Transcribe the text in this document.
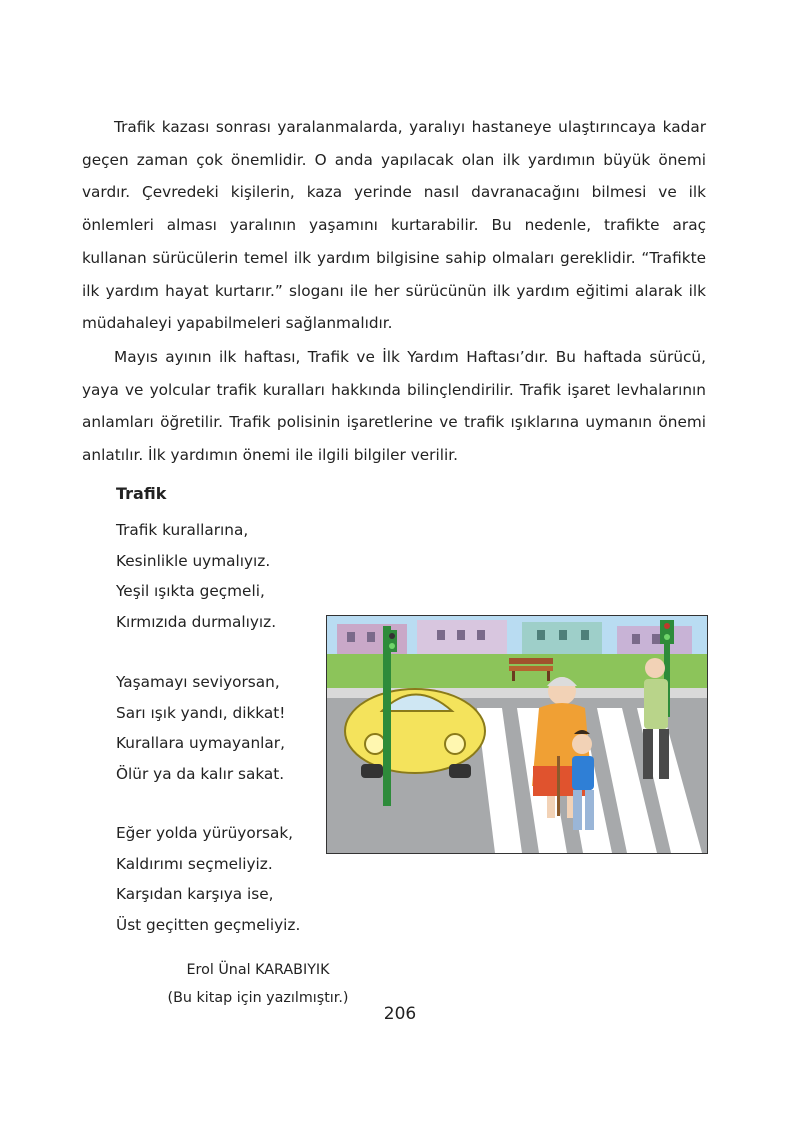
Trafik kazası sonrası yaralanmalarda, yaralıyı hastaneye ulaştırıncaya kadar geçen zaman çok önemlidir. O anda yapılacak olan ilk yardımın büyük önemi vardır. Çevredeki kişilerin, kaza yerinde nasıl davranacağını bilmesi ve ilk önlemleri alması yaralının yaşamını kurtarabilir. Bu nedenle, trafikte araç kullanan sürücülerin temel ilk yardım bilgisine sahip olmaları gereklidir. “Trafikte ilk yardım hayat kurtarır.” sloganı ile her sürücünün ilk yardım eğitimi alarak ilk müdahaleyi yapabilmeleri sağlanmalıdır.

Mayıs ayının ilk haftası, Trafik ve İlk Yardım Haftası’dır. Bu haftada sürücü, yaya ve yolcular trafik kuralları hakkında bilinçlendirilir. Trafik işaret levhalarının anlamları öğretilir. Trafik polisinin işaretlerine ve trafik ışıklarına uymanın önemi anlatılır. İlk yardımın önemi ile ilgili bilgiler verilir.

Trafik
Trafik kurallarına,
Kesinlikle uymalıyız.
Yeşil ışıkta geçmeli,
Kırmızıda durmalıyız.
Yaşamayı seviyorsan,
Sarı ışık yandı, dikkat!
Kurallara uymayanlar,
Ölür ya da kalır sakat.
Eğer yolda yürüyorsak,
Kaldırımı seçmeliyiz.
Karşıdan karşıya ise,
Üst geçitten geçmeliyiz.
Erol Ünal KARABIYIK
(Bu kitap için yazılmıştır.)
206
